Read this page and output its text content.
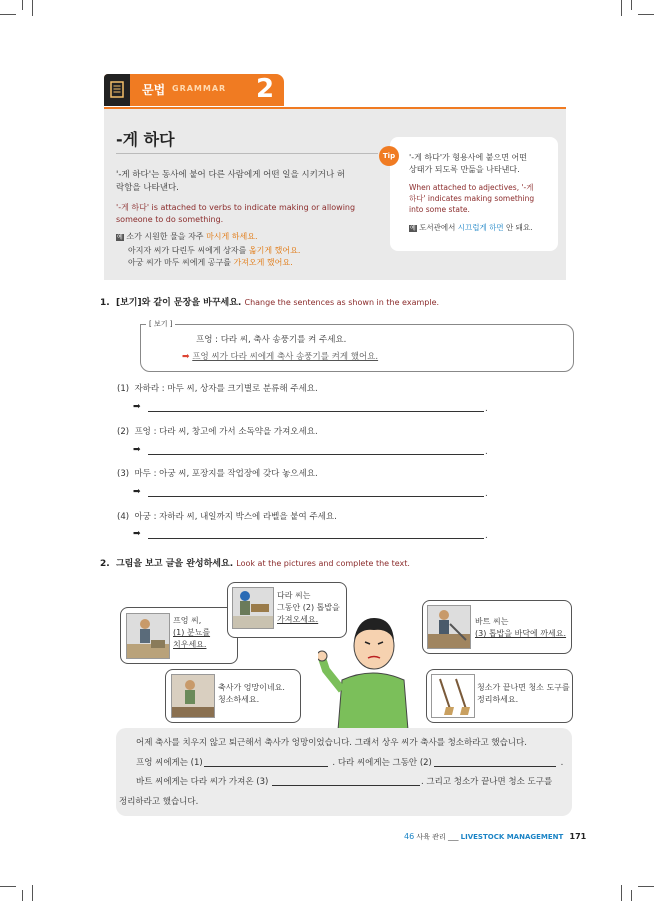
문법 GRAMMAR 2
-게 하다
'-게 하다'는 동사에 붙어 다른 사람에게 어떤 일을 시키거나 허
락함을 나타낸다.
'-게 하다' is attached to verbs to indicate making or allowing
someone to do something.
예 소가 시원한 물을 자주 마시게 하세요.
아지자 씨가 다린두 씨에게 상자를 옮기게 했어요.
아궁 씨가 마두 씨에게 공구를 가져오게 했어요.
Tip	'-게 하다'가 형용사에 붙으면 어떤
상태가 되도록 만듦을 나타낸다.
When attached to adjectives, '-게
하다' indicates making something
into some state.
예 도서관에서 시끄럽게 하면 안 돼요.
1. [보기]와 같이 문장을 바꾸세요. Change the sentences as shown in the example.
[ 보기 ]
프엉 : 다라 씨, 축사 송풍기를 켜 주세요.
➡ 프엉 씨가 다라 씨에게 축사 송풍기를 켜게 했어요.
(1) 자하라 : 마두 씨, 상자를 크기별로 분류해 주세요.
➡	.
(2) 프엉 : 다라 씨, 창고에 가서 소독약을 가져오세요.
➡	.
(3) 마두 : 아궁 씨, 포장지를 작업장에 갖다 놓으세요.
➡	.
(4) 아궁 : 자하라 씨, 내일까지 박스에 라벨을 붙여 주세요.
➡	.
2. 그림을 보고 글을 완성하세요. Look at the pictures and complete the text.
프엉 씨,
(1) 분뇨를
치우세요.
다라 씨는
그동안 (2) 톱밥을
가져오세요.	바트 씨는
(3) 톱밥을 바닥에 까세요.
축사가 엉망이네요.
청소하세요.
청소가 끝나면 청소 도구를
정리하세요.
어제 축사를 치우지 않고 퇴근해서 축사가 엉망이었습니다. 그래서 상우 씨가 축사를 청소하라고 했습니다.
프엉 씨에게는 (1)	. 다라 씨에게는 그동안 (2)	.
바트 씨에게는 다라 씨가 가져온 (3)	. 그리고 청소가 끝나면 청소 도구를
정리하라고 했습니다.
46 사육 관리 ___ LIVESTOCK MANAGEMENT 171
